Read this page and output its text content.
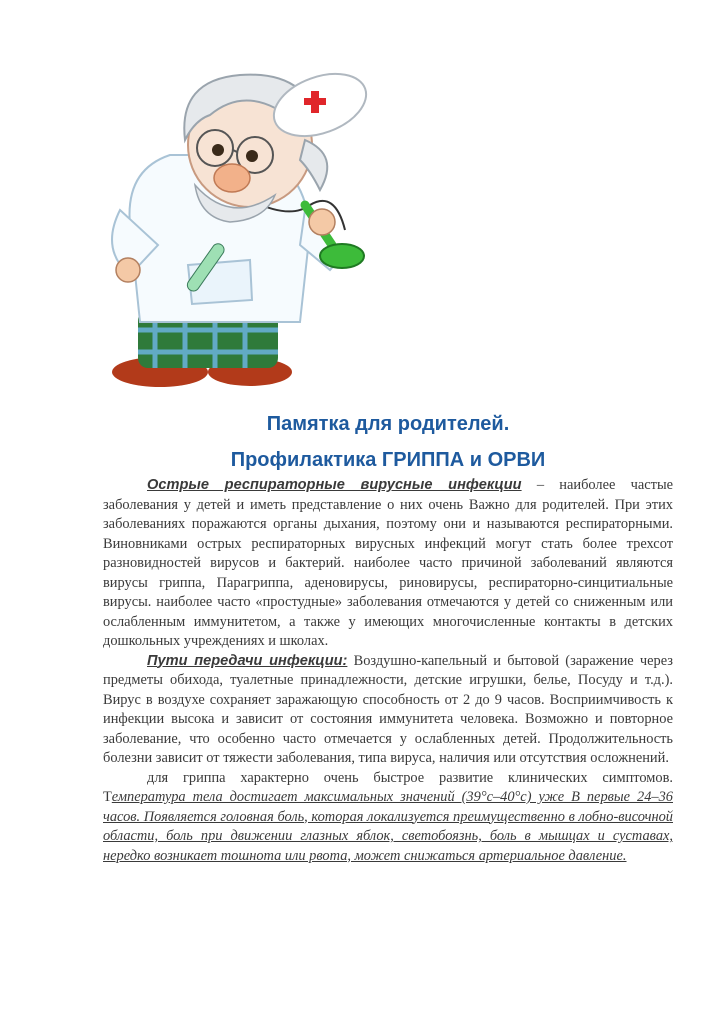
Памятка для родителей.
Профилактика ГРИППА и ОРВИ

Острые респираторные вирусные инфекции – наиболее частые заболевания у детей и иметь представление о них очень Важно для родителей. При этих заболеваниях поражаются органы дыхания, поэтому они и называются респираторными. Виновниками острых респираторных вирусных инфекций могут стать более трехсот разновидностей вирусов и бактерий. наиболее часто причиной заболеваний являются вирусы гриппа, Парагриппа, аденовирусы, риновирусы, респираторно-синцитиальные вирусы. наиболее часто «простудные» заболевания отмечаются у детей со сниженным или ослабленным иммунитетом, а также у имеющих многочисленные контакты в детских дошкольных учреждениях и школах.

Пути передачи инфекции: Воздушно-капельный и бытовой (заражение через предметы обихода, туалетные принадлежности, детские игрушки, белье, Посуду и т.д.). Вирус в воздухе сохраняет заражающую способность от 2 до 9 часов. Восприимчивость к инфекции высока и зависит от состояния иммунитета человека. Возможно и повторное заболевание, что особенно часто отмечается у ослабленных детей. Продолжительность болезни зависит от тяжести заболевания, типа вируса, наличия или отсутствия осложнений.

для гриппа характерно очень быстрое развитие клинических симптомов. Температура тела достигает максимальных значений (39°с–40°с) уже В первые 24–36 часов. Появляется головная боль, которая локализуется преимущественно в лобно-височной области, боль при движении глазных яблок, светобоязнь, боль в мышцах и суставах, нередко возникает тошнота или рвота, может снижаться артериальное давление.
